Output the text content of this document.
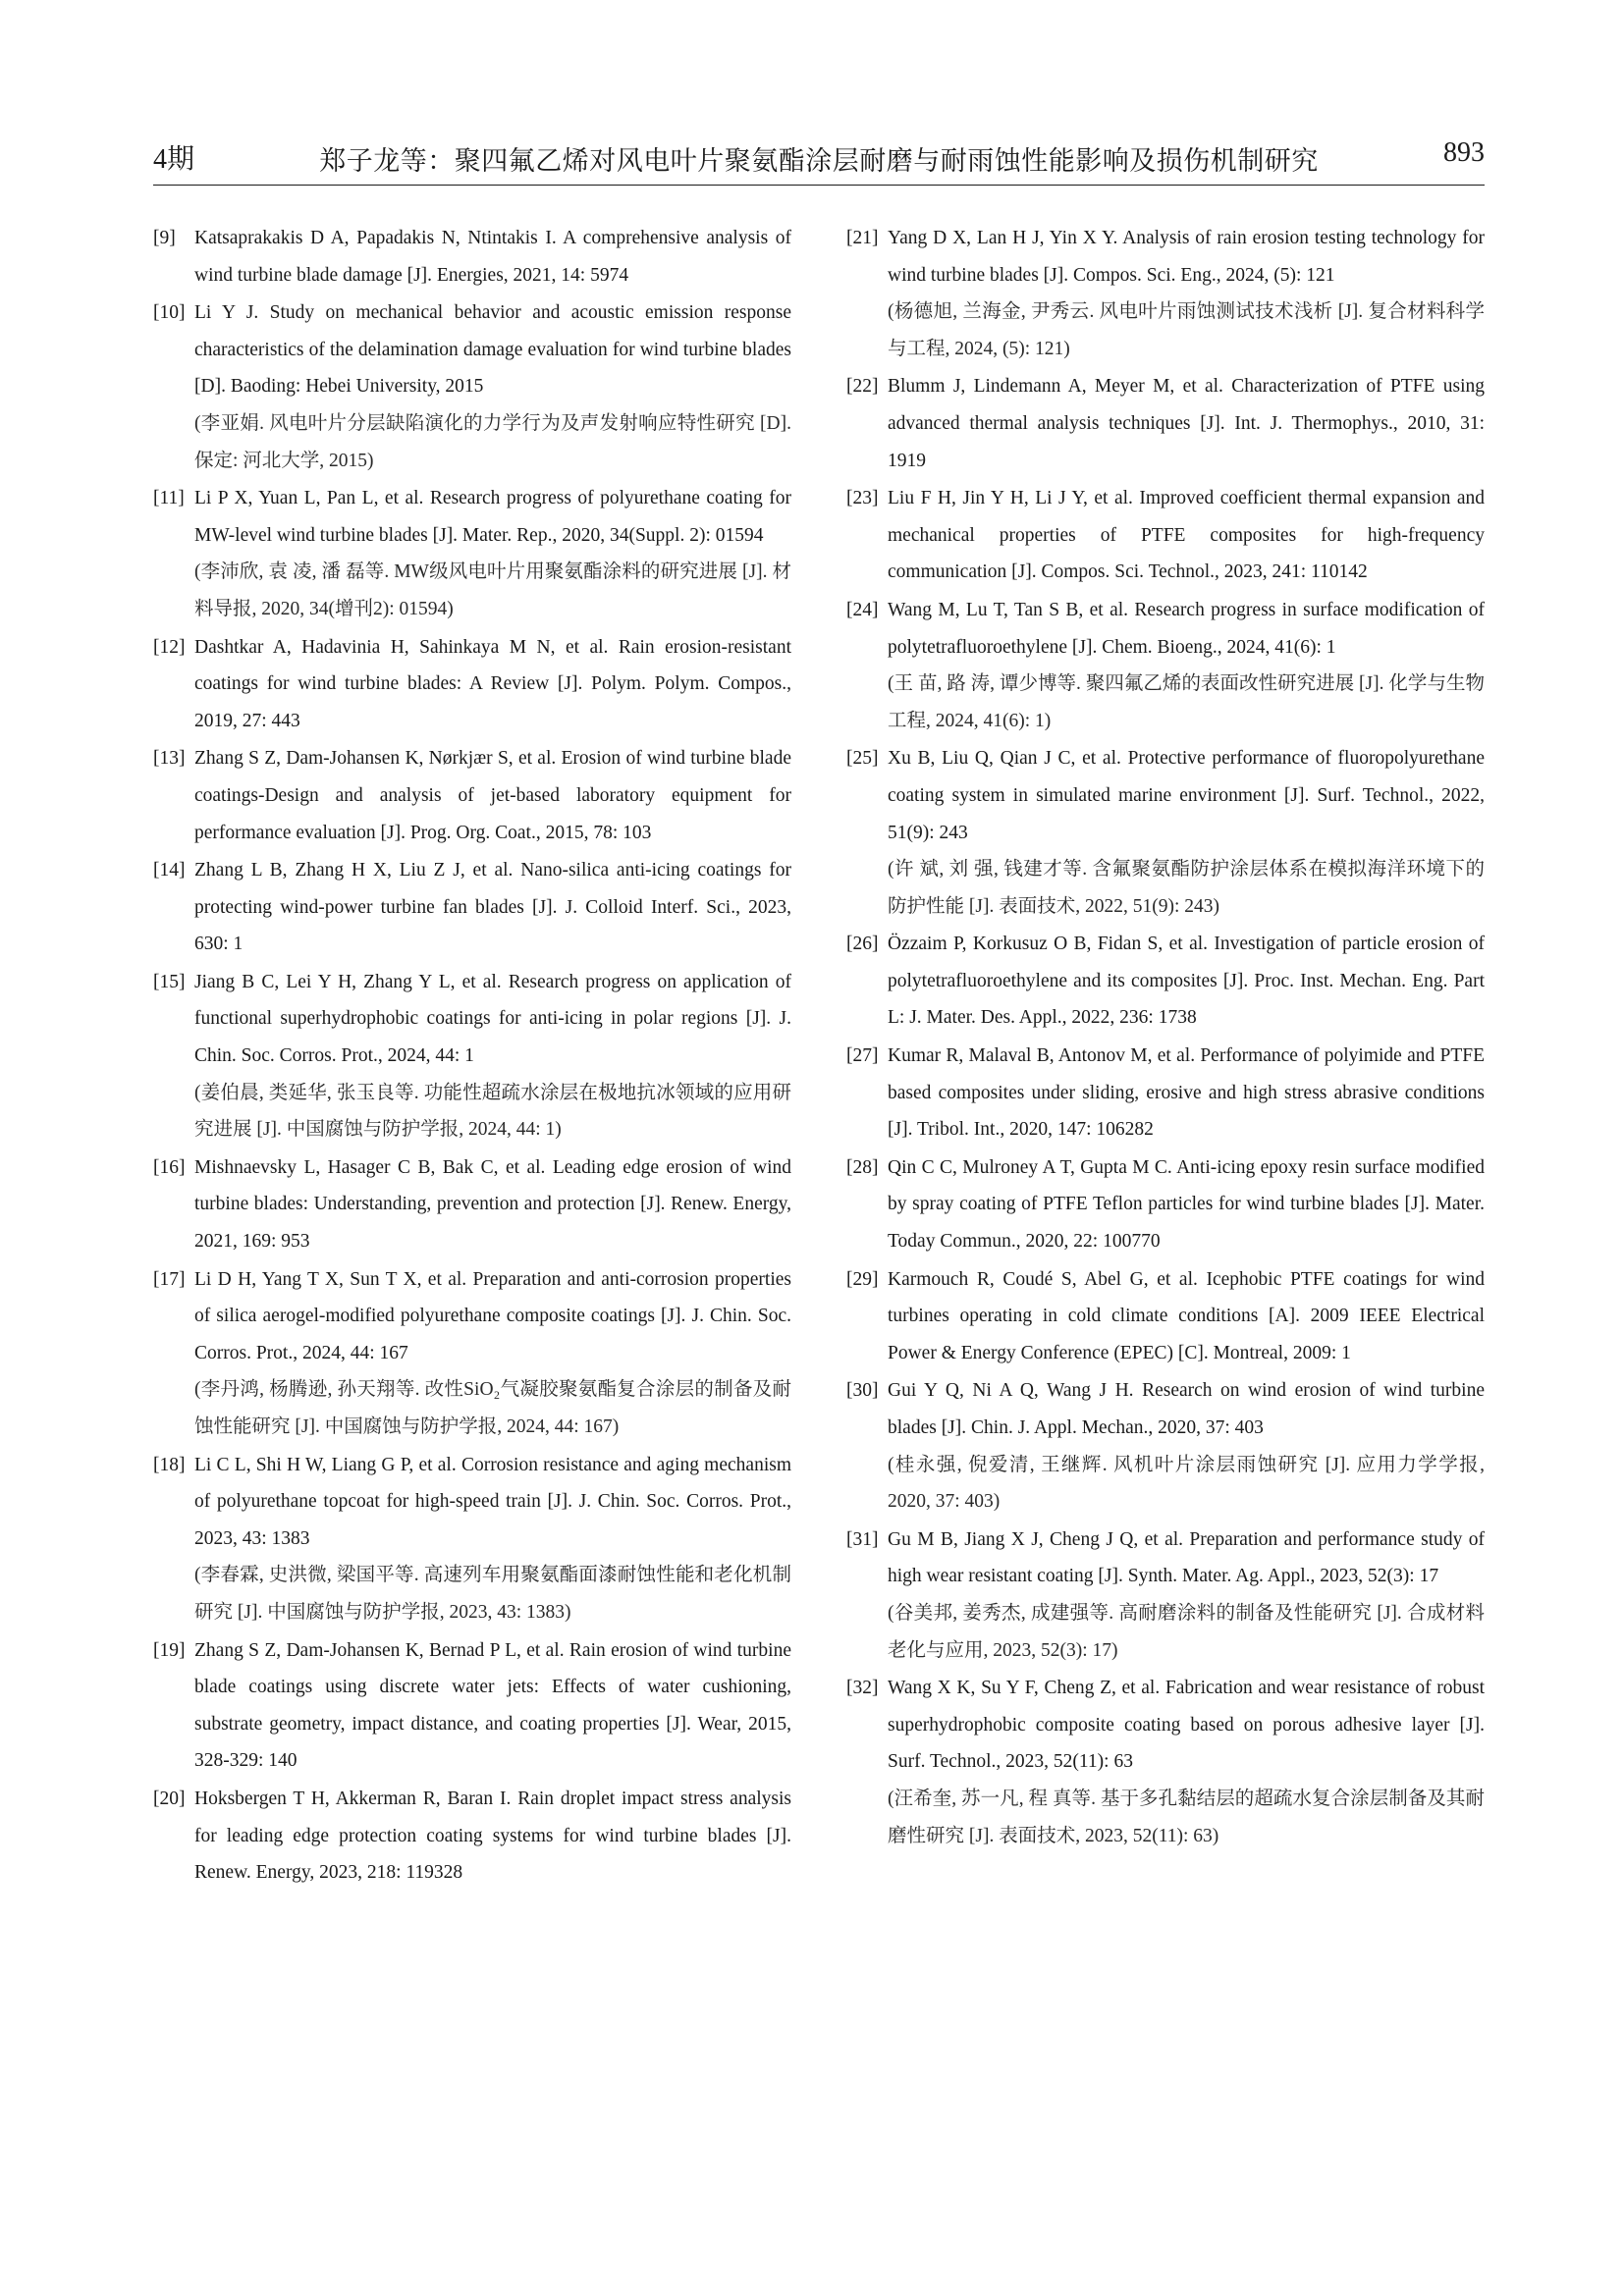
4期	郑子龙等：聚四氟乙烯对风电叶片聚氨酯涂层耐磨与耐雨蚀性能影响及损伤机制研究	893
[9] Katsaprakakis D A, Papadakis N, Ntintakis I. A comprehensive analysis of wind turbine blade damage [J]. Energies, 2021, 14: 5974
[10] Li Y J. Study on mechanical behavior and acoustic emission response characteristics of the delamination damage evaluation for wind turbine blades [D]. Baoding: Hebei University, 2015
(李亚娟. 风电叶片分层缺陷演化的力学行为及声发射响应特性研究 [D]. 保定: 河北大学, 2015)
[11] Li P X, Yuan L, Pan L, et al. Research progress of polyurethane coating for MW-level wind turbine blades [J]. Mater. Rep., 2020, 34(Suppl. 2): 01594
(李沛欣, 袁 凌, 潘 磊等. MW级风电叶片用聚氨酯涂料的研究进展 [J]. 材料导报, 2020, 34(增刊2): 01594)
[12] Dashtkar A, Hadavinia H, Sahinkaya M N, et al. Rain erosion-resistant coatings for wind turbine blades: A Review [J]. Polym. Polym. Compos., 2019, 27: 443
[13] Zhang S Z, Dam-Johansen K, Nørkjær S, et al. Erosion of wind turbine blade coatings-Design and analysis of jet-based laboratory equipment for performance evaluation [J]. Prog. Org. Coat., 2015, 78: 103
[14] Zhang L B, Zhang H X, Liu Z J, et al. Nano-silica anti-icing coatings for protecting wind-power turbine fan blades [J]. J. Colloid Interf. Sci., 2023, 630: 1
[15] Jiang B C, Lei Y H, Zhang Y L, et al. Research progress on application of functional superhydrophobic coatings for anti-icing in polar regions [J]. J. Chin. Soc. Corros. Prot., 2024, 44: 1
(姜伯晨, 类延华, 张玉良等. 功能性超疏水涂层在极地抗冰领域的应用研究进展 [J]. 中国腐蚀与防护学报, 2024, 44: 1)
[16] Mishnaevsky L, Hasager C B, Bak C, et al. Leading edge erosion of wind turbine blades: Understanding, prevention and protection [J]. Renew. Energy, 2021, 169: 953
[17] Li D H, Yang T X, Sun T X, et al. Preparation and anti-corrosion properties of silica aerogel-modified polyurethane composite coatings [J]. J. Chin. Soc. Corros. Prot., 2024, 44: 167
(李丹鸿, 杨腾逊, 孙天翔等. 改性SiO₂气凝胶聚氨酯复合涂层的制备及耐蚀性能研究 [J]. 中国腐蚀与防护学报, 2024, 44: 167)
[18] Li C L, Shi H W, Liang G P, et al. Corrosion resistance and aging mechanism of polyurethane topcoat for high-speed train [J]. J. Chin. Soc. Corros. Prot., 2023, 43: 1383
(李春霖, 史洪微, 梁国平等. 高速列车用聚氨酯面漆耐蚀性能和老化机制研究 [J]. 中国腐蚀与防护学报, 2023, 43: 1383)
[19] Zhang S Z, Dam-Johansen K, Bernad P L, et al. Rain erosion of wind turbine blade coatings using discrete water jets: Effects of water cushioning, substrate geometry, impact distance, and coating properties [J]. Wear, 2015, 328-329: 140
[20] Hoksbergen T H, Akkerman R, Baran I. Rain droplet impact stress analysis for leading edge protection coating systems for wind turbine blades [J]. Renew. Energy, 2023, 218: 119328
[21] Yang D X, Lan H J, Yin X Y. Analysis of rain erosion testing technology for wind turbine blades [J]. Compos. Sci. Eng., 2024, (5): 121
(杨德旭, 兰海金, 尹秀云. 风电叶片雨蚀测试技术浅析 [J]. 复合材料科学与工程, 2024, (5): 121)
[22] Blumm J, Lindemann A, Meyer M, et al. Characterization of PTFE using advanced thermal analysis techniques [J]. Int. J. Thermophys., 2010, 31: 1919
[23] Liu F H, Jin Y H, Li J Y, et al. Improved coefficient thermal expansion and mechanical properties of PTFE composites for high-frequency communication [J]. Compos. Sci. Technol., 2023, 241: 110142
[24] Wang M, Lu T, Tan S B, et al. Research progress in surface modification of polytetrafluoroethylene [J]. Chem. Bioeng., 2024, 41(6): 1
(王 苗, 路 涛, 谭少博等. 聚四氟乙烯的表面改性研究进展 [J]. 化学与生物工程, 2024, 41(6): 1)
[25] Xu B, Liu Q, Qian J C, et al. Protective performance of fluoropolyurethane coating system in simulated marine environment [J]. Surf. Technol., 2022, 51(9): 243
(许 斌, 刘 强, 钱建才等. 含氟聚氨酯防护涂层体系在模拟海洋环境下的防护性能 [J]. 表面技术, 2022, 51(9): 243)
[26] Özzaim P, Korkusuz O B, Fidan S, et al. Investigation of particle erosion of polytetrafluoroethylene and its composites [J]. Proc. Inst. Mechan. Eng. Part L: J. Mater. Des. Appl., 2022, 236: 1738
[27] Kumar R, Malaval B, Antonov M, et al. Performance of polyimide and PTFE based composites under sliding, erosive and high stress abrasive conditions [J]. Tribol. Int., 2020, 147: 106282
[28] Qin C C, Mulroney A T, Gupta M C. Anti-icing epoxy resin surface modified by spray coating of PTFE Teflon particles for wind turbine blades [J]. Mater. Today Commun., 2020, 22: 100770
[29] Karmouch R, Coudé S, Abel G, et al. Icephobic PTFE coatings for wind turbines operating in cold climate conditions [A]. 2009 IEEE Electrical Power & Energy Conference (EPEC) [C]. Montreal, 2009: 1
[30] Gui Y Q, Ni A Q, Wang J H. Research on wind erosion of wind turbine blades [J]. Chin. J. Appl. Mechan., 2020, 37: 403
(桂永强, 倪爱清, 王继辉. 风机叶片涂层雨蚀研究 [J]. 应用力学学报, 2020, 37: 403)
[31] Gu M B, Jiang X J, Cheng J Q, et al. Preparation and performance study of high wear resistant coating [J]. Synth. Mater. Ag. Appl., 2023, 52(3): 17
(谷美邦, 姜秀杰, 成建强等. 高耐磨涂料的制备及性能研究 [J]. 合成材料老化与应用, 2023, 52(3): 17)
[32] Wang X K, Su Y F, Cheng Z, et al. Fabrication and wear resistance of robust superhydrophobic composite coating based on porous adhesive layer [J]. Surf. Technol., 2023, 52(11): 63
(汪希奎, 苏一凡, 程 真等. 基于多孔黏结层的超疏水复合涂层制备及其耐磨性研究 [J]. 表面技术, 2023, 52(11): 63)
